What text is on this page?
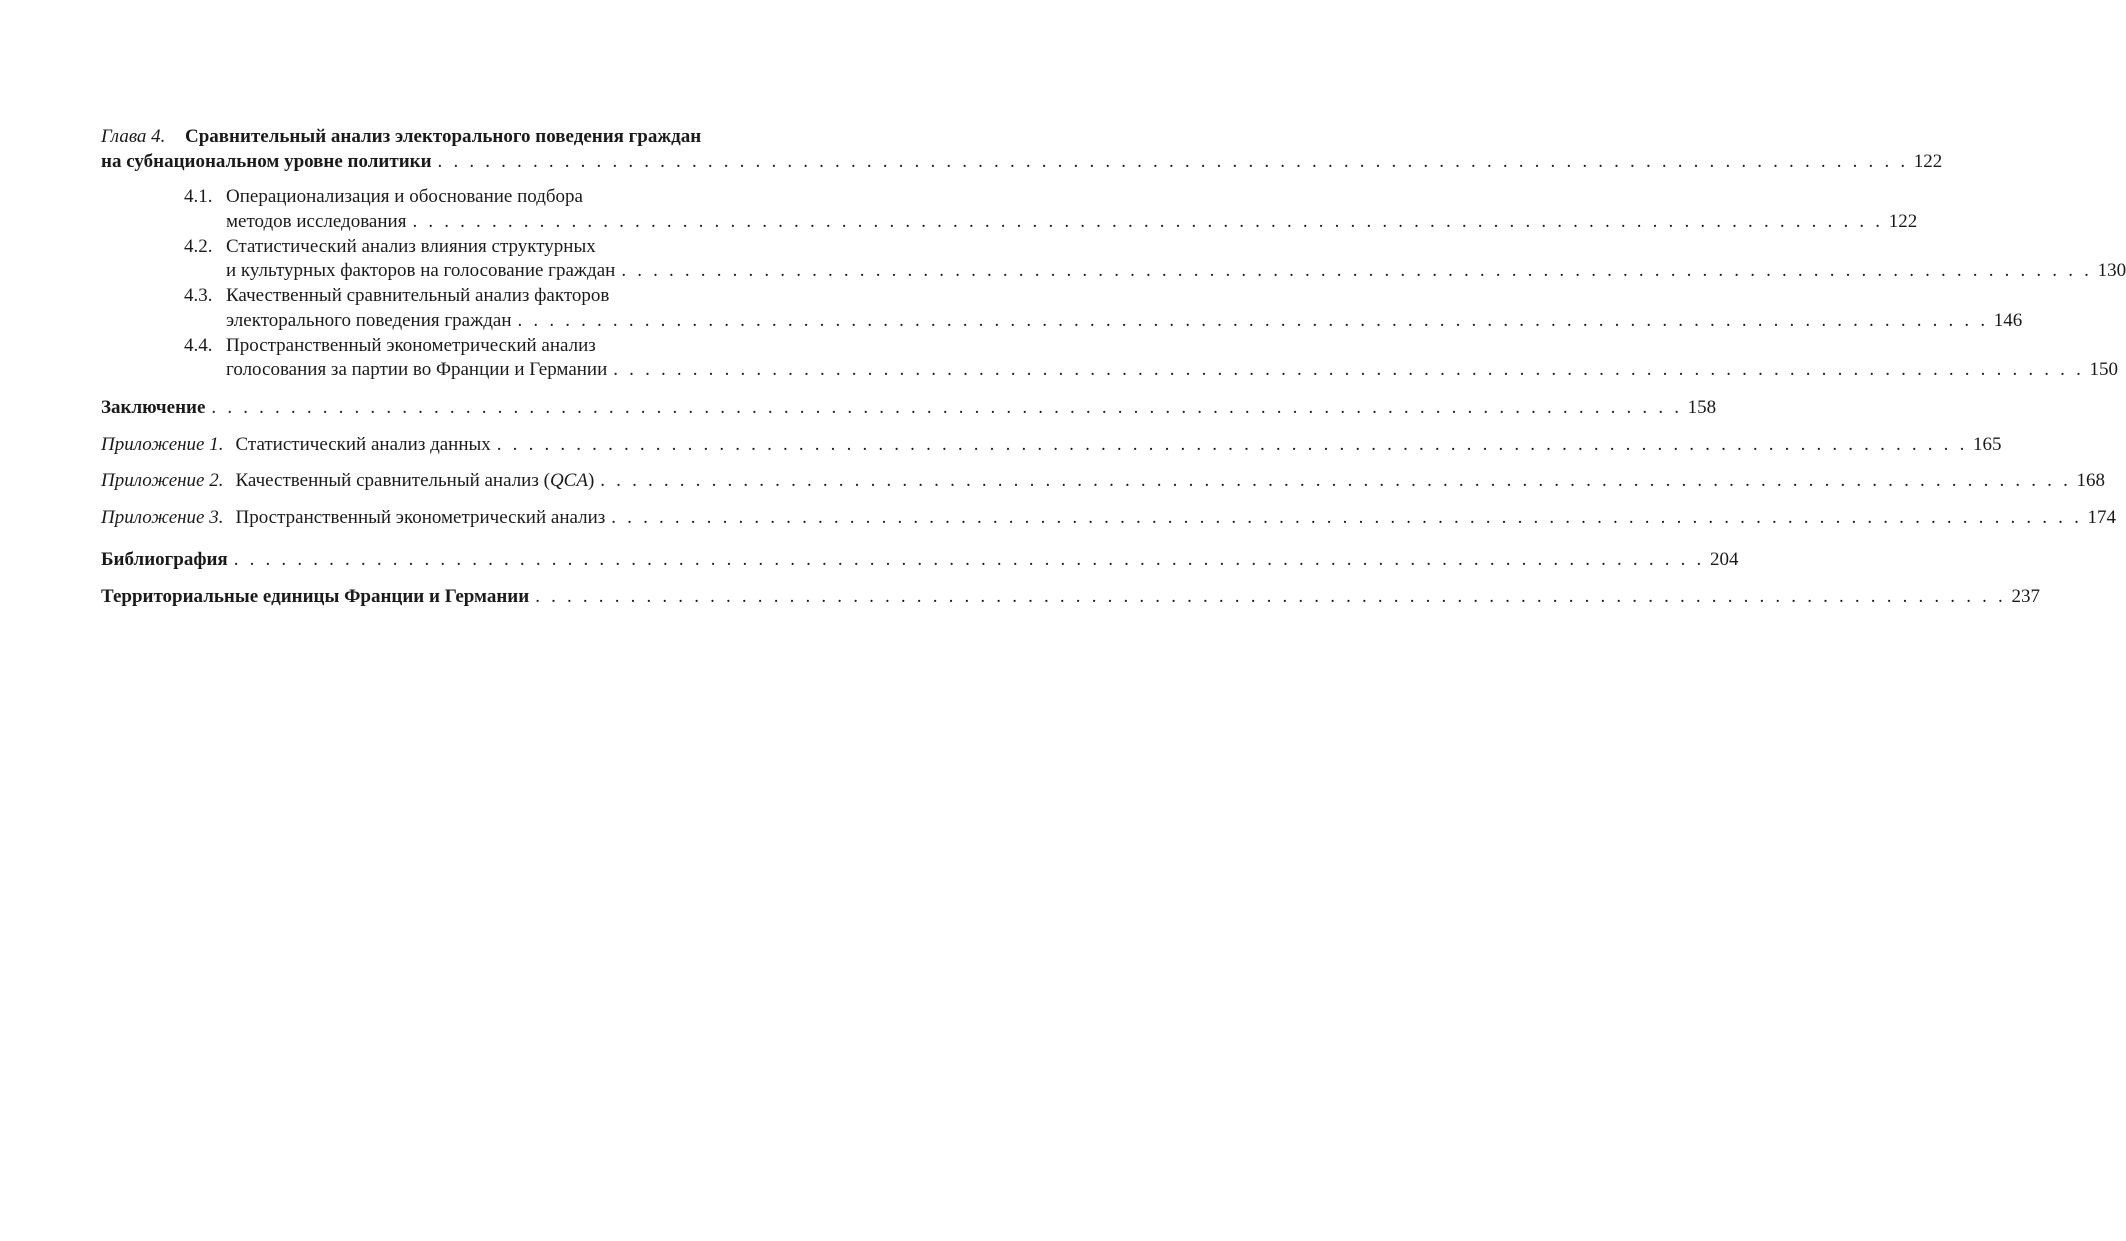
Глава 4.	Сравнительный анализ электорального поведения граждан
на субнациональном уровне политики . . .	122
4.1. Операционализация и обоснование подбора
методов исследования . . .	122
4.2. Статистический анализ влияния структурных
и культурных факторов на голосование граждан . . .	130
4.3. Качественный сравнительный анализ факторов
электорального поведения граждан . . .	146
4.4. Пространственный эконометрический анализ
голосования за партии во Франции и Германии . . .	150
Заключение . . .	158
Приложение 1. Статистический анализ данных . . .	165
Приложение 2. Качественный сравнительный анализ (QCA) . . .	168
Приложение 3. Пространственный эконометрический анализ . . .	174
Библиография . . .	204
Территориальные единицы Франции и Германии . . .	237
